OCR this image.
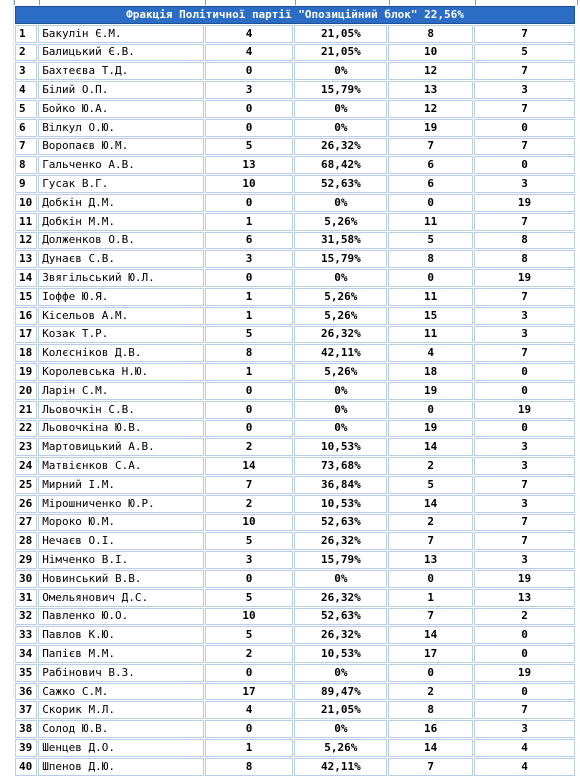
Фракція Політичної партії "Опозиційний блок" 22,56%					
1	Бакулін Є.М.	4	21,05%	8	7
2	Балицький Є.В.	4	21,05%	10	5
3	Бахтеєва Т.Д.	0	0%	12	7
4	Білий О.П.	3	15,79%	13	3
5	Бойко Ю.А.	0	0%	12	7
6	Вілкул О.Ю.	0	0%	19	0
7	Воропаєв Ю.М.	5	26,32%	7	7
8	Гальченко А.В.	13	68,42%	6	0
9	Гусак В.Г.	10	52,63%	6	3
10	Добкін Д.М.	0	0%	0	19
11	Добкін М.М.	1	5,26%	11	7
12	Долженков О.В.	6	31,58%	5	8
13	Дунаєв С.В.	3	15,79%	8	8
14	Звягільський Ю.Л.	0	0%	0	19
15	Іоффе Ю.Я.	1	5,26%	11	7
16	Кісельов А.М.	1	5,26%	15	3
17	Козак Т.Р.	5	26,32%	11	3
18	Колєсніков Д.В.	8	42,11%	4	7
19	Королевська Н.Ю.	1	5,26%	18	0
20	Ларін С.М.	0	0%	19	0
21	Льовочкін С.В.	0	0%	0	19
22	Льовочкіна Ю.В.	0	0%	19	0
23	Мартовицький А.В.	2	10,53%	14	3
24	Матвієнков С.А.	14	73,68%	2	3
25	Мирний І.М.	7	36,84%	5	7
26	Мірошниченко Ю.Р.	2	10,53%	14	3
27	Мороко Ю.М.	10	52,63%	2	7
28	Нечаєв О.І.	5	26,32%	7	7
29	Німченко В.І.	3	15,79%	13	3
30	Новинський В.В.	0	0%	0	19
31	Омельянович Д.С.	5	26,32%	1	13
32	Павленко Ю.О.	10	52,63%	7	2
33	Павлов К.Ю.	5	26,32%	14	0
34	Папієв М.М.	2	10,53%	17	0
35	Рабінович В.З.	0	0%	0	19
36	Сажко С.М.	17	89,47%	2	0
37	Скорик М.Л.	4	21,05%	8	7
38	Солод Ю.В.	0	0%	16	3
39	Шенцев Д.О.	1	5,26%	14	4
40	Шпенов Д.Ю.	8	42,11%	7	4
